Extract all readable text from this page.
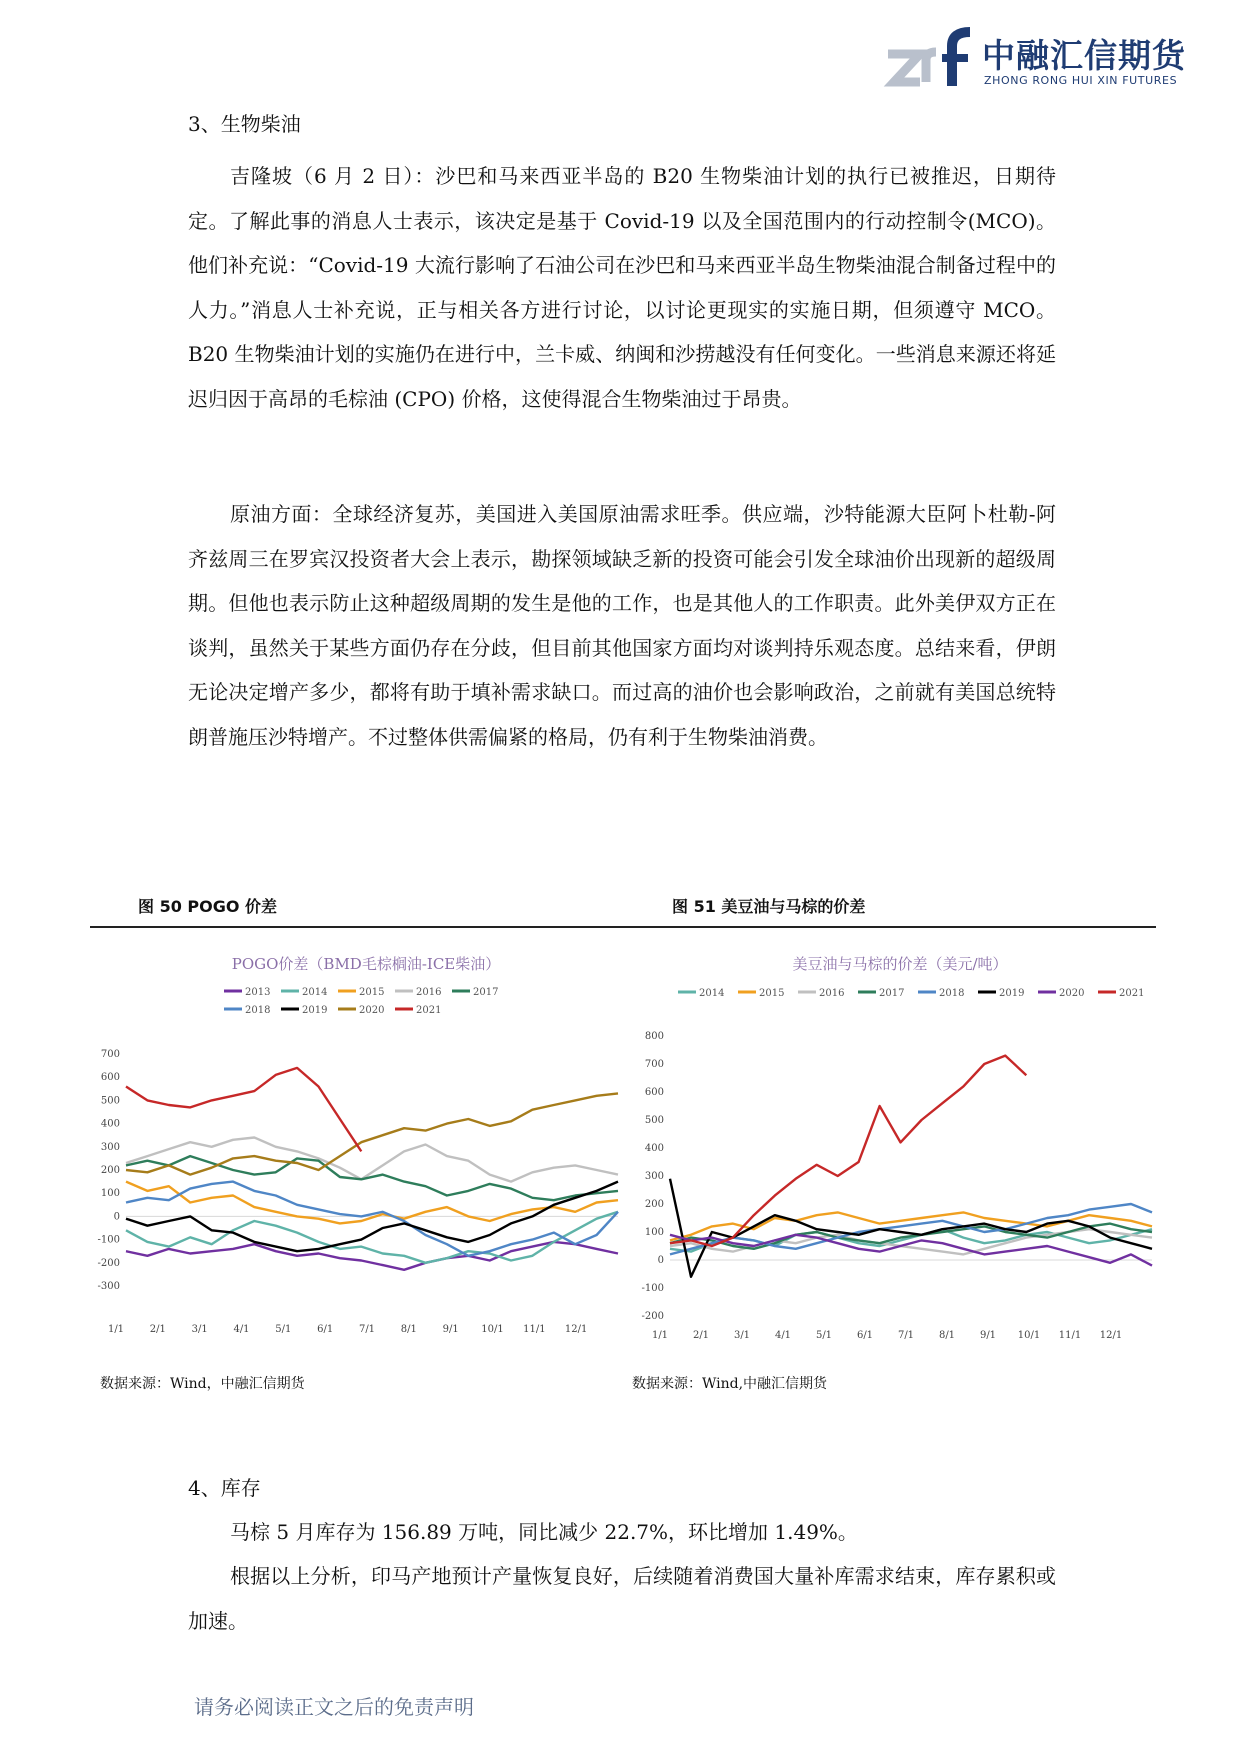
中融汇信期货
ZHONG RONG HUI XIN FUTURES
3、生物柴油

吉隆坡（6 月 2 日）：沙巴和马来西亚半岛的 B20 生物柴油计划的执行已被推迟，日期待定。了解此事的消息人士表示，该决定是基于 Covid-19 以及全国范围内的行动控制令(MCO)。他们补充说：“Covid-19 大流行影响了石油公司在沙巴和马来西亚半岛生物柴油混合制备过程中的人力。”消息人士补充说，正与相关各方进行讨论，以讨论更现实的实施日期，但须遵守 MCO。B20 生物柴油计划的实施仍在进行中，兰卡威、纳闽和沙捞越没有任何变化。一些消息来源还将延迟归因于高昂的毛棕油 (CPO) 价格，这使得混合生物柴油过于昂贵。

原油方面：全球经济复苏，美国进入美国原油需求旺季。供应端，沙特能源大臣阿卜杜勒-阿齐兹周三在罗宾汉投资者大会上表示，勘探领域缺乏新的投资可能会引发全球油价出现新的超级周期。但他也表示防止这种超级周期的发生是他的工作，也是其他人的工作职责。此外美伊双方正在谈判，虽然关于某些方面仍存在分歧，但目前其他国家方面均对谈判持乐观态度。总结来看，伊朗无论决定增产多少，都将有助于填补需求缺口。而过高的油价也会影响政治，之前就有美国总统特朗普施压沙特增产。不过整体供需偏紧的格局，仍有利于生物柴油消费。

图 50 POGO 价差	图 51 美豆油与马棕的价差
POGO价差（BMD毛棕榈油-ICE柴油）
2013	2014	2015	2016	2017
2018	2019	2020	2021
700
600
500
400
300
200
100
0
-100
-200
-300
1/1	2/1	3/1	4/1	5/1	6/1	7/1	8/1	9/1 10/1 11/1 12/1
美豆油与马棕的价差（美元/吨）
2014	2015	2016	2017	2018	2019	2020	2021
800
700
600
500
400
300
200
100
0
-100
-200
1/1 2/1 3/1 4/1 5/1 6/1 7/1 8/1 9/1 10/1 11/1 12/1
数据来源：Wind，中融汇信期货	数据来源：Wind,中融汇信期货
4、库存

马棕 5 月库存为 156.89 万吨，同比减少 22.7%，环比增加 1.49%。

根据以上分析，印马产地预计产量恢复良好，后续随着消费国大量补库需求结束，库存累积或加速。

请务必阅读正文之后的免责声明
